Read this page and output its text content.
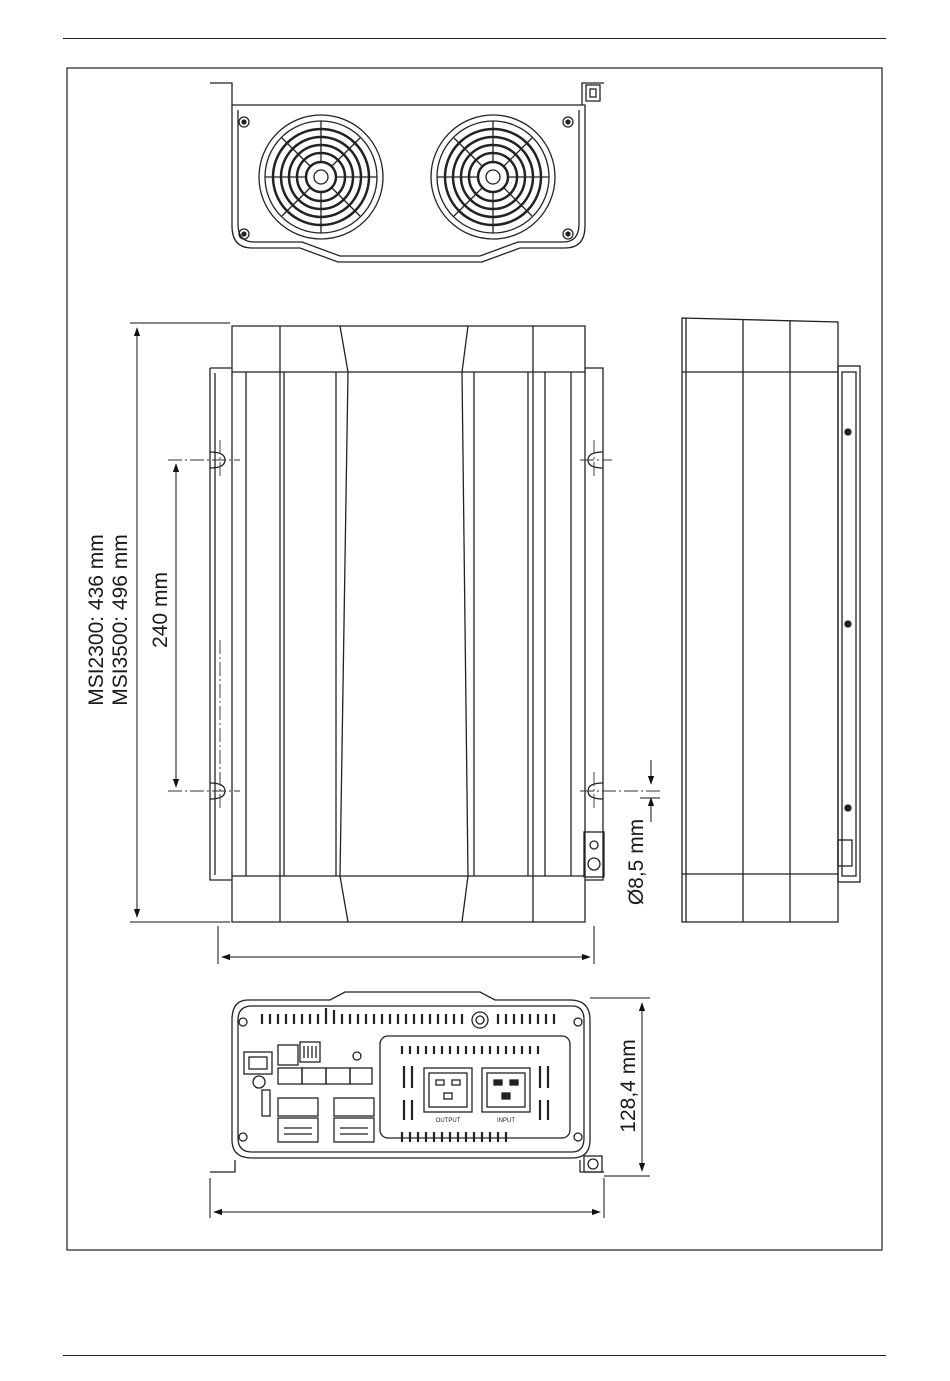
OUTPUT	INPUT
MSI2300: 436 mm MSI3500: 496 mm 240 mm
Ø8,5 mm
128,4 mm
